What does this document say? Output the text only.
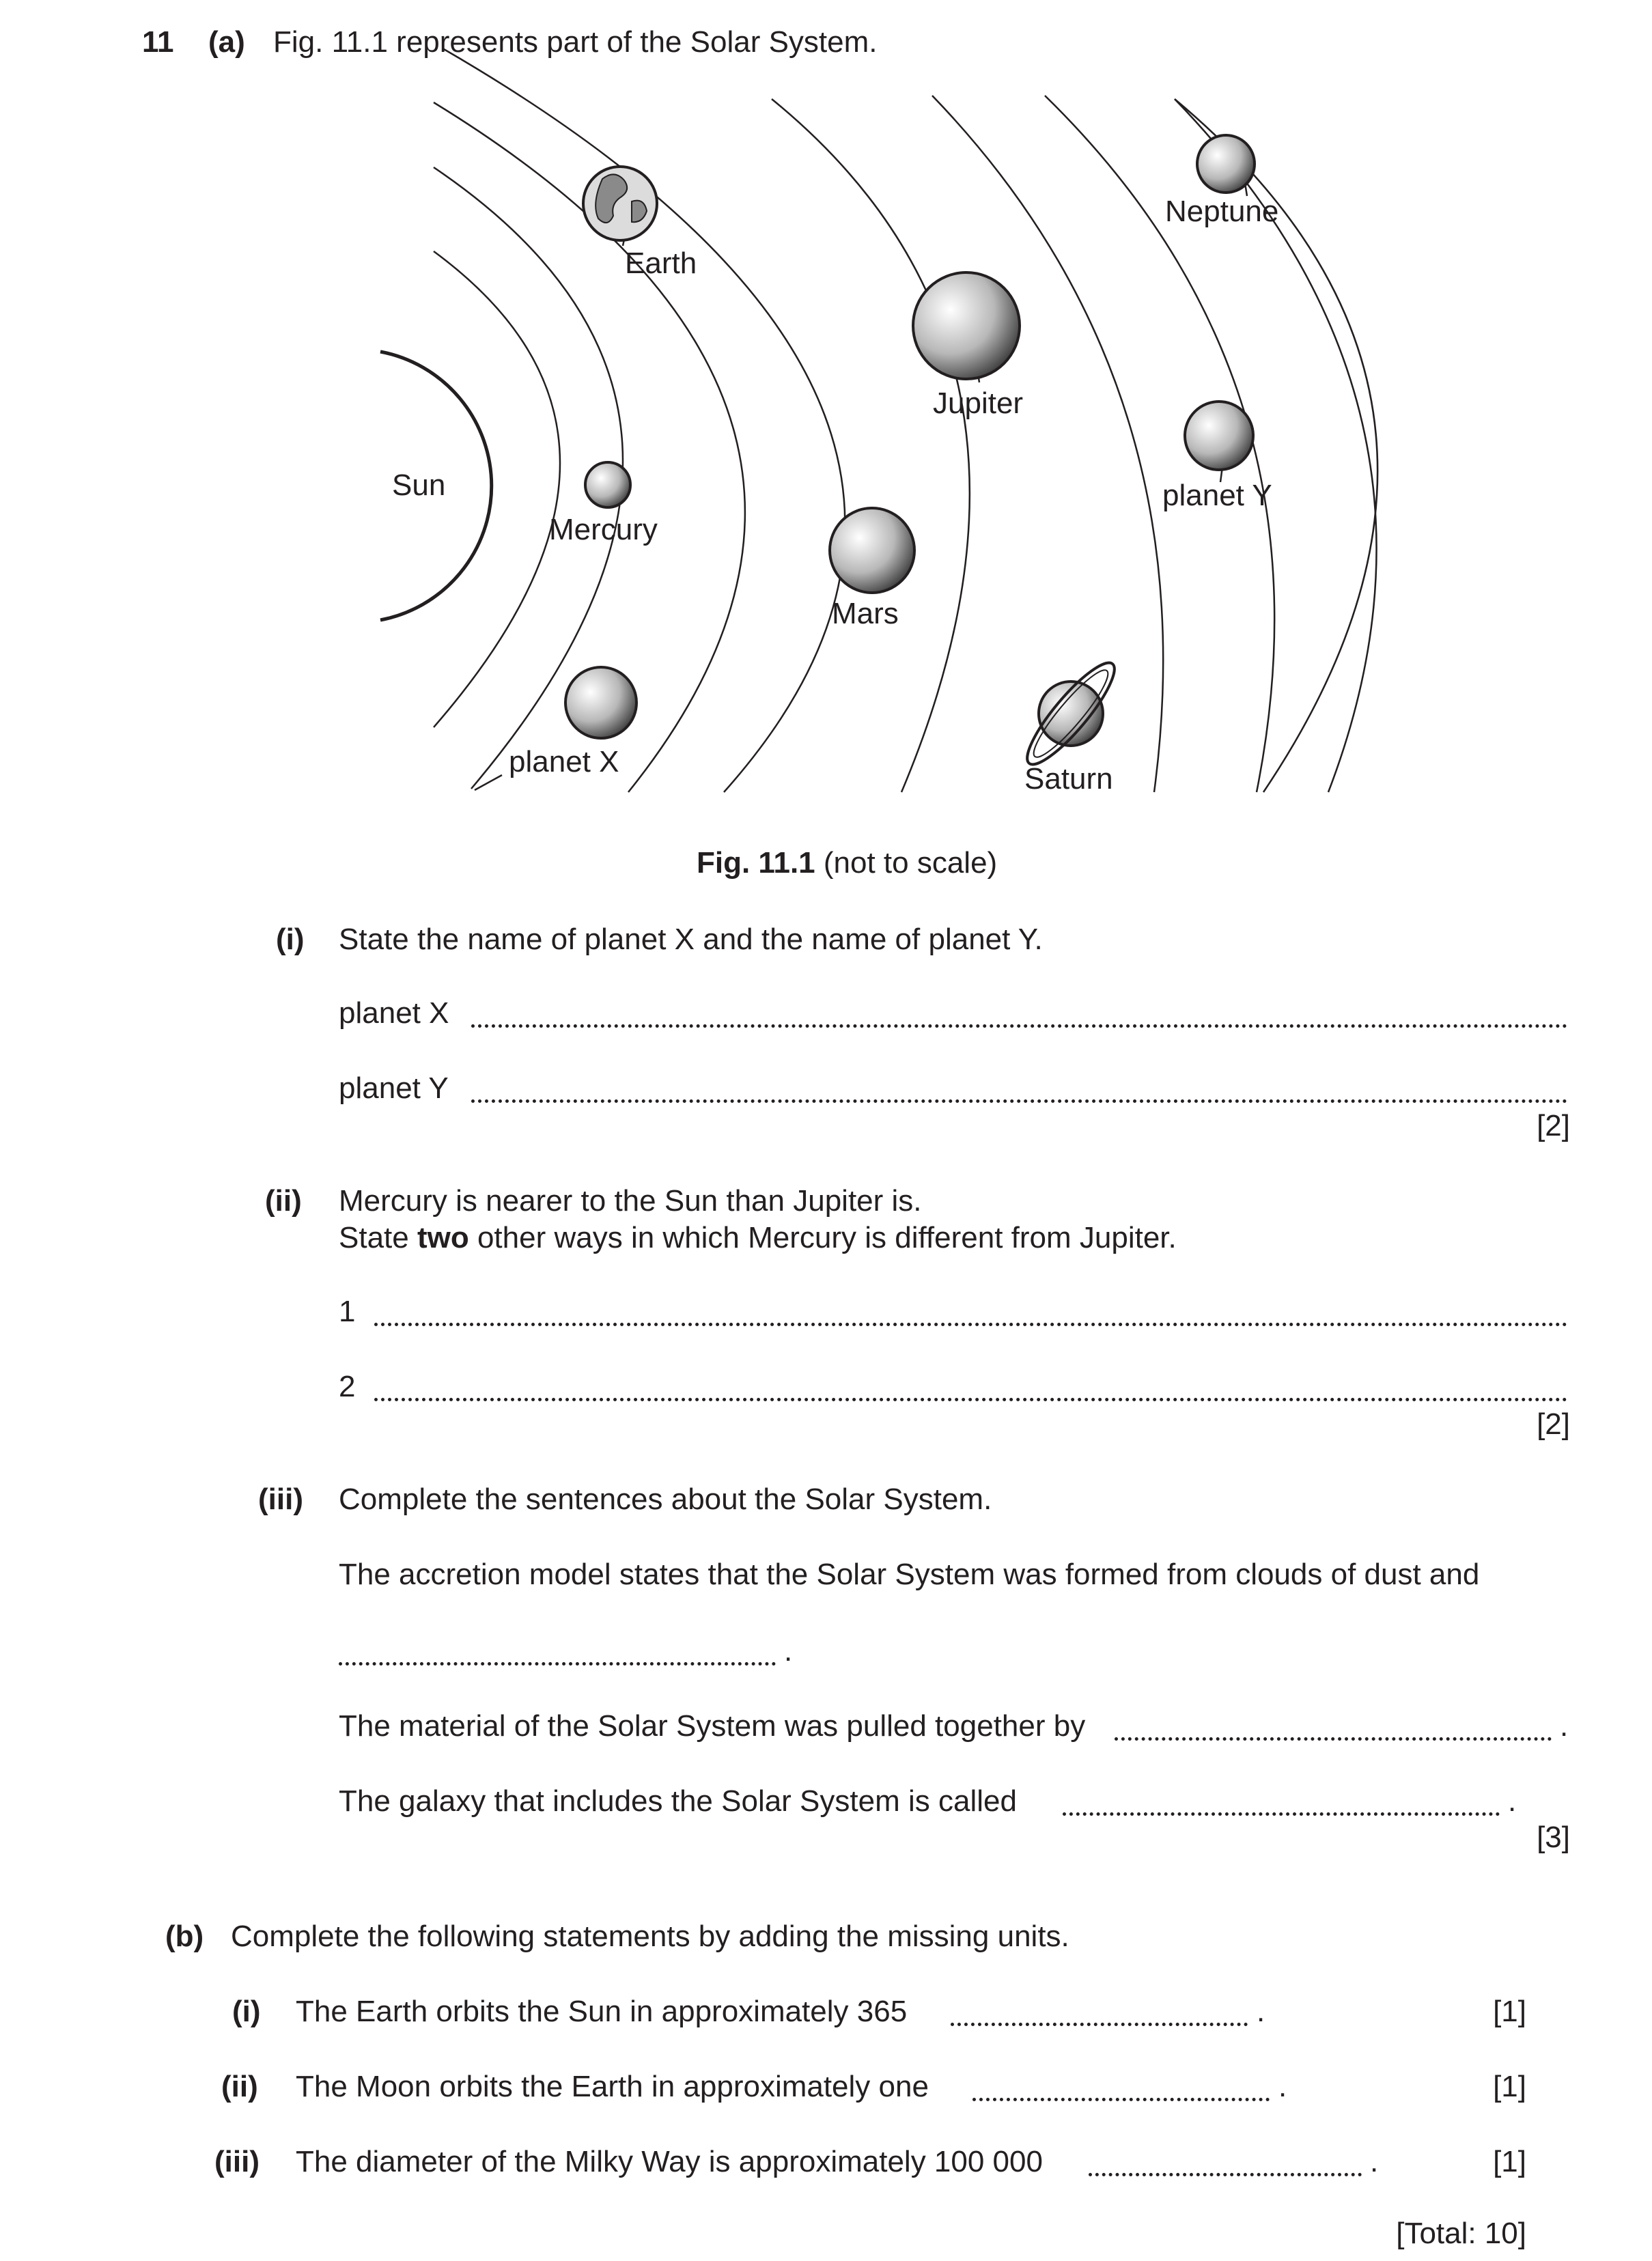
11 (a) Fig. 11.1 represents part of the Solar System.
Sun
Mercury
planet X
Earth
Mars
Jupiter
Saturn
planet Y
Neptune
Fig. 11.1 (not to scale)
(i) State the name of planet X and the name of planet Y.
planet X
planet Y
[2]
(ii) Mercury is nearer to the Sun than Jupiter is.
State two other ways in which Mercury is different from Jupiter.
1
2
[2]
(iii) Complete the sentences about the Solar System.
The accretion model states that the Solar System was formed from clouds of dust and
.
The material of the Solar System was pulled together by	.
The galaxy that includes the Solar System is called	.
[3]
(b) Complete the following statements by adding the missing units.
(i) The Earth orbits the Sun in approximately 365	.	[1]
(ii) The Moon orbits the Earth in approximately one	.	[1]
(iii) The diameter of the Milky Way is approximately 100 000	.	[1]
[Total: 10]
